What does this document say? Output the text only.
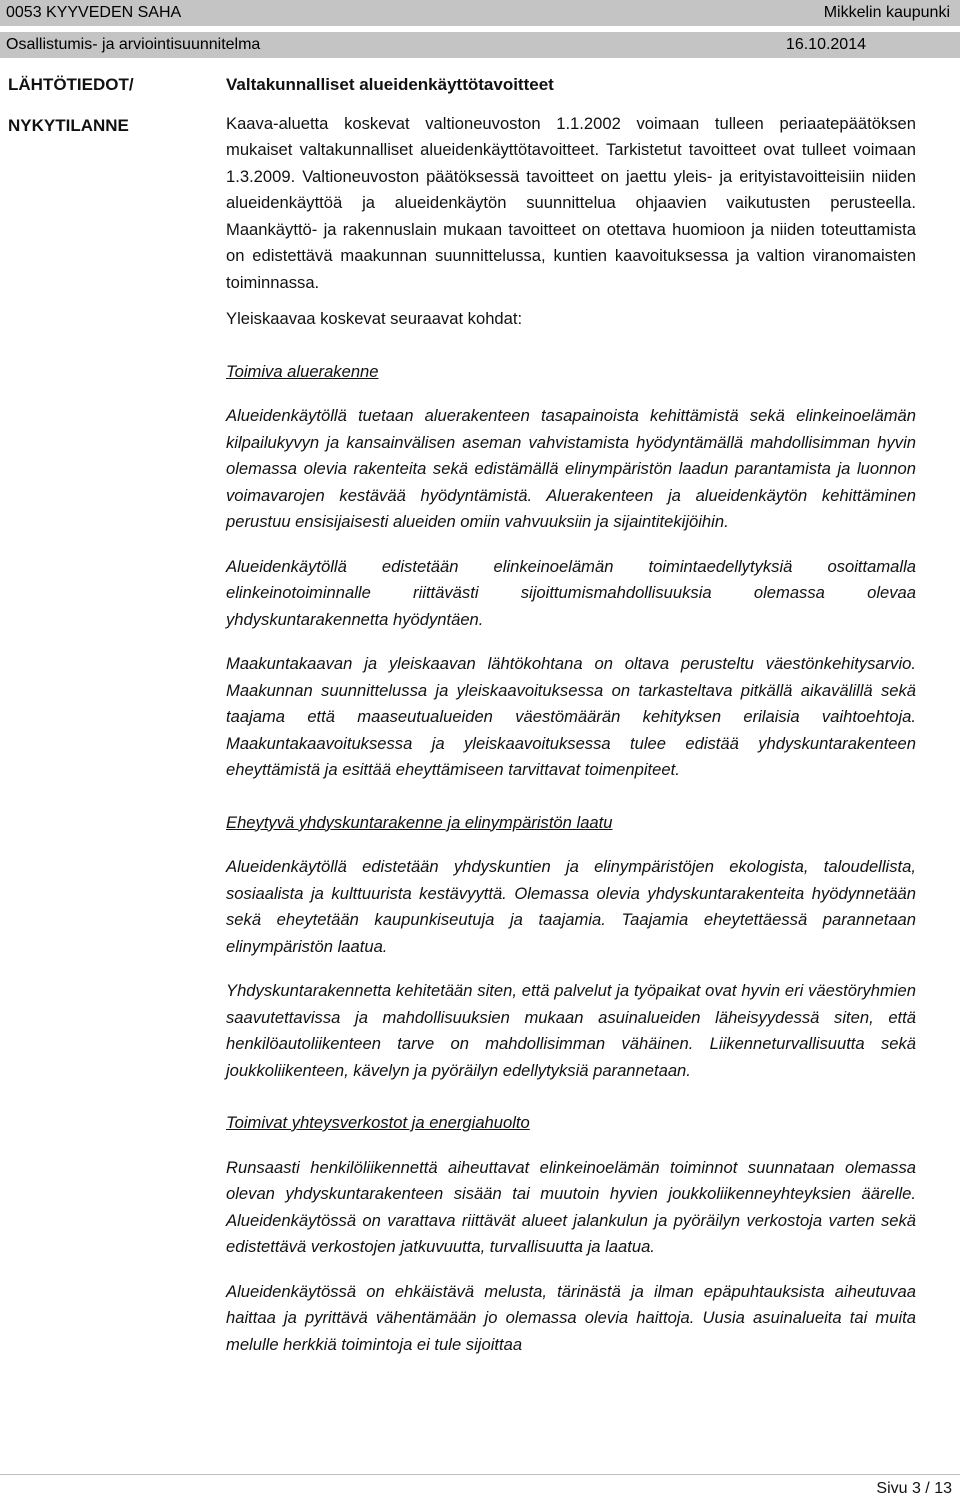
0053 KYYVEDEN SAHA	Mikkelin kaupunki
Osallistumis- ja arviointisuunnitelma	16.10.2014
LÄHTÖTIEDOT/
NYKYTILANNE

Valtakunnalliset alueidenkäyttötavoitteet

Kaava-aluetta koskevat valtioneuvoston 1.1.2002 voimaan tulleen periaatepäätöksen mukaiset valtakunnalliset alueidenkäyttötavoitteet. Tarkistetut tavoitteet ovat tulleet voimaan 1.3.2009. Valtioneuvoston päätöksessä tavoitteet on jaettu yleis- ja erityistavoitteisiin niiden alueidenkäyttöä ja alueidenkäytön suunnittelua ohjaavien vaikutusten perusteella. Maankäyttö- ja rakennuslain mukaan tavoitteet on otettava huomioon ja niiden toteuttamista on edistettävä maakunnan suunnittelussa, kuntien kaavoituksessa ja valtion viranomaisten toiminnassa.

Yleiskaavaa koskevat seuraavat kohdat:

Toimiva aluerakenne

Alueidenkäytöllä tuetaan aluerakenteen tasapainoista kehittämistä sekä elinkeinoelämän kilpailukyvyn ja kansainvälisen aseman vahvistamista hyödyntämällä mahdollisimman hyvin olemassa olevia rakenteita sekä edistämällä elinympäristön laadun parantamista ja luonnon voimavarojen kestävää hyödyntämistä. Aluerakenteen ja alueidenkäytön kehittäminen perustuu ensisijaisesti alueiden omiin vahvuuksiin ja sijaintitekijöihin.

Alueidenkäytöllä edistetään elinkeinoelämän toimintaedellytyksiä osoittamalla elinkeinotoiminnalle riittävästi sijoittumismahdollisuuksia olemassa olevaa yhdyskuntarakennetta hyödyntäen.

Maakuntakaavan ja yleiskaavan lähtökohtana on oltava perusteltu väestönkehitysarvio. Maakunnan suunnittelussa ja yleiskaavoituksessa on tarkasteltava pitkällä aikavälillä sekä taajama että maaseutualueiden väestömäärän kehityksen erilaisia vaihtoehtoja. Maakuntakaavoituksessa ja yleiskaavoituksessa tulee edistää yhdyskuntarakenteen eheyttämistä ja esittää eheyttämiseen tarvittavat toimenpiteet.

Eheytyvä yhdyskuntarakenne ja elinympäristön laatu

Alueidenkäytöllä edistetään yhdyskuntien ja elinympäristöjen ekologista, taloudellista, sosiaalista ja kulttuurista kestävyyttä. Olemassa olevia yhdyskuntarakenteita hyödynnetään sekä eheytetään kaupunkiseutuja ja taajamia. Taajamia eheytettäessä parannetaan elinympäristön laatua.

Yhdyskuntarakennetta kehitetään siten, että palvelut ja työpaikat ovat hyvin eri väestöryhmien saavutettavissa ja mahdollisuuksien mukaan asuinalueiden läheisyydessä siten, että henkilöautoliikenteen tarve on mahdollisimman vähäinen. Liikenneturvallisuutta sekä joukkoliikenteen, kävelyn ja pyöräilyn edellytyksiä parannetaan.

Toimivat yhteysverkostot ja energiahuolto

Runsaasti henkilöliikennettä aiheuttavat elinkeinoelämän toiminnot suunnataan olemassa olevan yhdyskuntarakenteen sisään tai muutoin hyvien joukkoliikenneyhteyksien äärelle. Alueidenkäytössä on varattava riittävät alueet jalankulun ja pyöräilyn verkostoja varten sekä edistettävä verkostojen jatkuvuutta, turvallisuutta ja laatua.

Alueidenkäytössä on ehkäistävä melusta, tärinästä ja ilman epäpuhtauksista aiheutuvaa haittaa ja pyrittävä vähentämään jo olemassa olevia haittoja. Uusia asuinalueita tai muita melulle herkkiä toimintoja ei tule sijoittaa

Sivu 3 / 13
